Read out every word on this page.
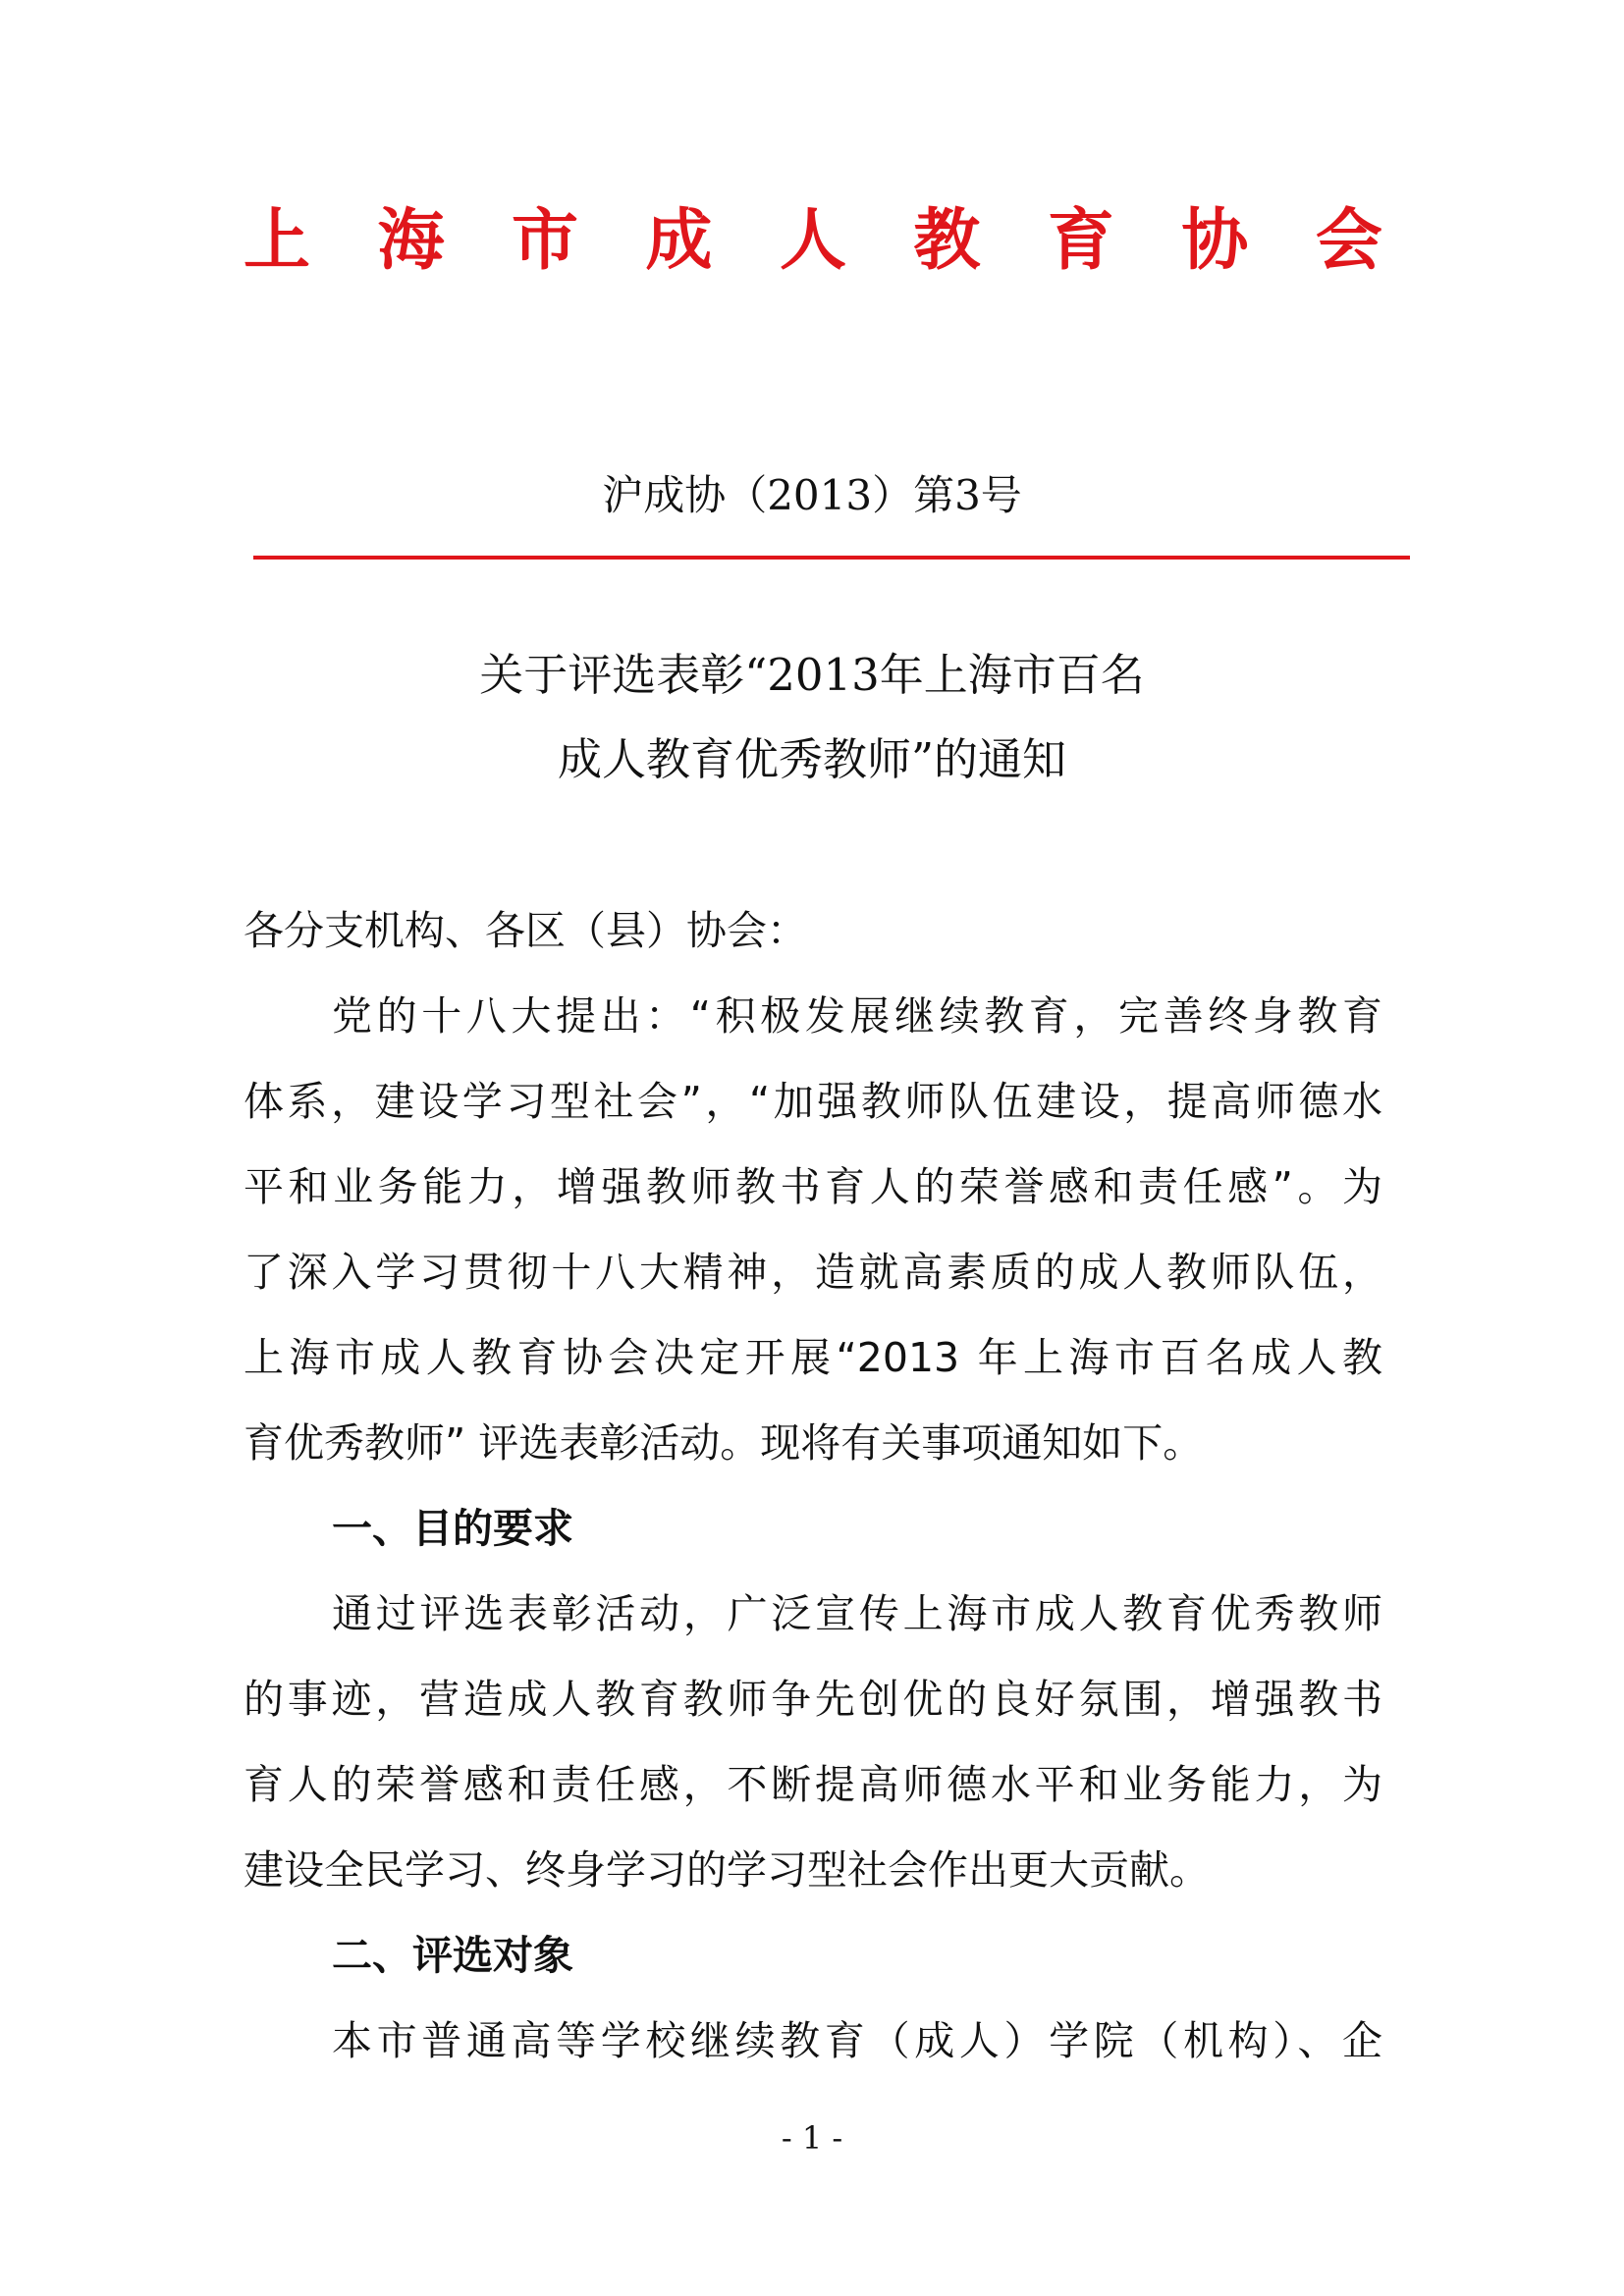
上 海 市 成 人 教 育 协 会
沪成协（2013）第3号
关于评选表彰“2013年上海市百名
成人教育优秀教师”的通知
各分支机构、各区（县）协会：
党的十八大提出：“积极发展继续教育，完善终身教育
体系，建设学习型社会”，“加强教师队伍建设，提高师德水
平和业务能力，增强教师教书育人的荣誉感和责任感”。为
了深入学习贯彻十八大精神，造就高素质的成人教师队伍，
上海市成人教育协会决定开展“2013 年上海市百名成人教
育优秀教师” 评选表彰活动。现将有关事项通知如下。
一、目的要求
通过评选表彰活动，广泛宣传上海市成人教育优秀教师
的事迹，营造成人教育教师争先创优的良好氛围，增强教书
育人的荣誉感和责任感，不断提高师德水平和业务能力，为
建设全民学习、终身学习的学习型社会作出更大贡献。
二、评选对象
本市普通高等学校继续教育（成人）学院（机构）、企
- 1 -
